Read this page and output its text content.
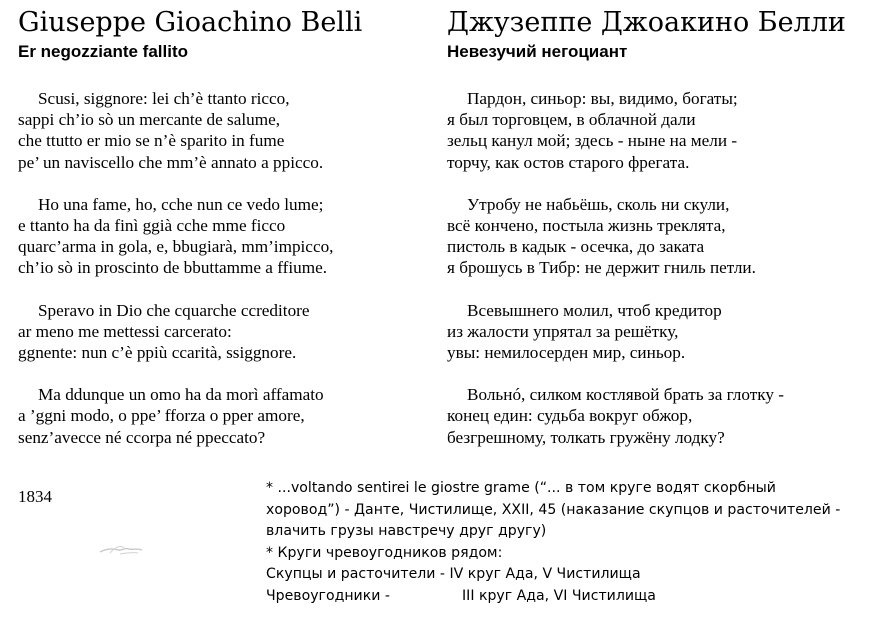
Giuseppe Gioachino Belli
Er negozziante fallito
Scusi, siggnore: lei ch’è ttanto ricco,
sappi ch’io sò un mercante de salume,
che ttutto er mio se n’è sparito in fume
pe’ un naviscello che mm’è annato a ppicco.
Ho una fame, ho, cche nun ce vedo lume;
e ttanto ha da finì ggià cche mme ficco
quarc’arma in gola, e, bbugiarà, mm’impicco,
ch’io sò in proscinto de bbuttamme a ffiume.
Speravo in Dio che cquarche ccreditore
ar meno me mettessi carcerato:
ggnente: nun c’è ppiù ccarità, ssiggnore.
Ma ddunque un omo ha da morì affamato
a ’ggni modo, o ppe’ fforza o pper amore,
senz’avecce né ccorpa né ppeccato?
Джузеппе Джоакино Белли
Невезучий негоциант
Пардон, синьор: вы, видимо, богаты;
я был торговцем, в облачной дали
зельц канул мой; здесь - ныне на мели -
торчу, как остов старого фрегата.
Утробу не набьёшь, сколь ни скули,
всё кончено, постыла жизнь треклята,
пистоль в кадык - осечка, до заката
я брошусь в Тибр: не держит гниль петли.
Всевышнего молил, чтоб кредитор
из жалости упрятал за решётку,
увы: немилосерден мир, синьор.
Вольнó, силком костлявой брать за глотку -
конец един: судьба вокруг обжор,
безгрешному, толкать гружёну лодку?
1834	* ...voltando sentirei le giostre grame (“... в том круге водят скорбный
хоровод”) - Данте, Чистилище, XXII, 45 (наказание скупцов и расточителей -
влачить грузы навстречу друг другу)
* Круги чревоугодников рядом:
Скупцы и расточители - IV круг Ада, V Чистилища
Чревоугодники -	III круг Ада, VI Чистилища
